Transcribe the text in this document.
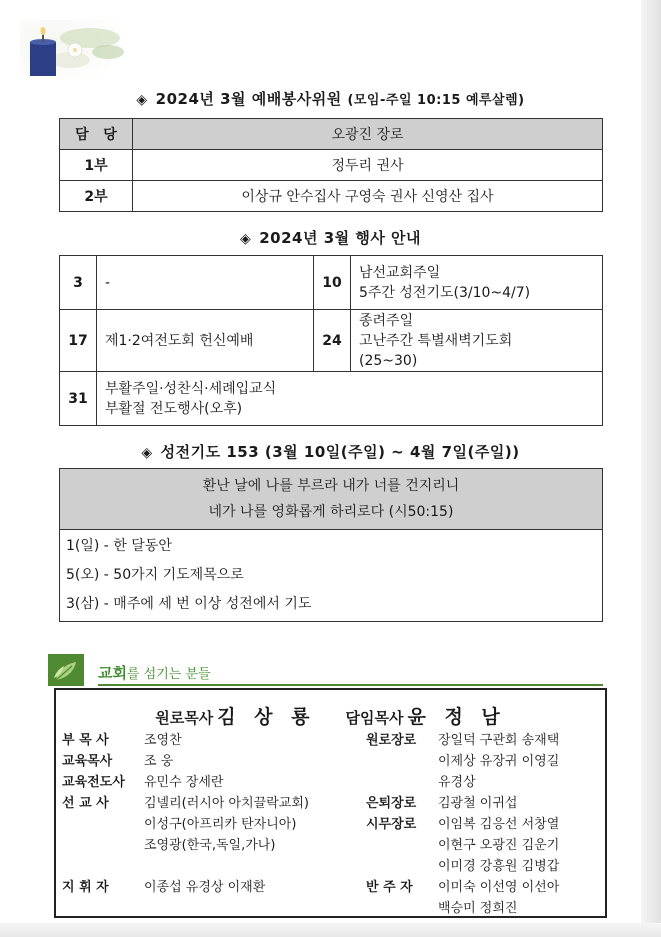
◈ 2024년 3월 예배봉사위원 (모임-주일 10:15 예루살렘)
담   당	오광진 장로
1부	정두리 권사
2부	이상규 안수집사 구영숙 권사 신영산 집사
◈ 2024년 3월 행사 안내
3	-	10	남선교회주일
5주간 성전기도(3/10~4/7)

17	제1·2여전도회 헌신예배	24	종려주일
고난주간 특별새벽기도회
(25~30)

31	부활주일·성찬식·세례입교식
부활절 전도행사(오후)		
◈ 성전기도 153 (3월 10일(주일) ~ 4월 7일(주일))
환난 날에 나를 부르라 내가 너를 건지리니
네가 나를 영화롭게 하리로다 (시50:15)
1(일) - 한 달동안
5(오) - 50가지 기도제목으로
3(삼) - 매주에 세 번 이상 성전에서 기도
교회를 섬기는 분들
원로목사 김 상 룡 담임목사 윤 정 남
부 목 사	조영찬
교육목사 조 웅
교육전도사 유민수 장세란
선 교 사	김넬리(러시아 아치끌락교회)
이성구(아프리카 탄자니아)
조영광(한국,독일,가나)

지 휘 자	이종섭 유경상 이재환
원로장로 장일덕 구관회 송재택
이제상 유장귀 이영길
유경상
은퇴장로 김광철 이귀섭
시무장로 이임복 김응선 서창열
이현구 오광진 김운기
이미경 강흥원 김병갑
반 주 자 이미숙 이선영 이선아
백승미 정희진
